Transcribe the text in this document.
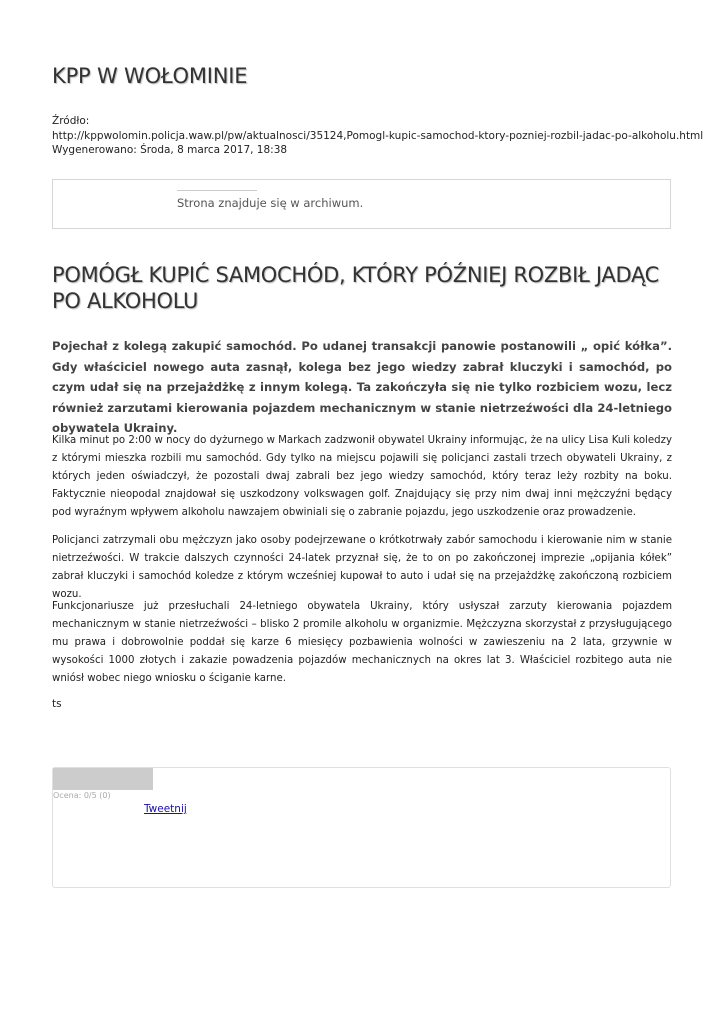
KPP W WOŁOMINIE
Źródło:
http://kppwolomin.policja.waw.pl/pw/aktualnosci/35124,Pomogl-kupic-samochod-ktory-pozniej-rozbil-jadac-po-alkoholu.html
Wygenerowano: Środa, 8 marca 2017, 18:38
Strona znajduje się w archiwum.
POMÓGŁ KUPIĆ SAMOCHÓD, KTÓRY PÓŹNIEJ ROZBIŁ JADĄC PO ALKOHOLU

Pojechał z kolegą zakupić samochód. Po udanej transakcji panowie postanowili „ opić kółka”. Gdy właściciel nowego auta zasnął, kolega bez jego wiedzy zabrał kluczyki i samochód, po czym udał się na przejażdżkę z innym kolegą. Ta zakończyła się nie tylko rozbiciem wozu, lecz również zarzutami kierowania pojazdem mechanicznym w stanie nietrzeźwości dla 24-letniego obywatela Ukrainy.

Kilka minut po 2:00 w nocy do dyżurnego w Markach zadzwonił obywatel Ukrainy informując, że na ulicy Lisa Kuli koledzy z którymi mieszka rozbili mu samochód. Gdy tylko na miejscu pojawili się policjanci zastali trzech obywateli Ukrainy, z których jeden oświadczył, że pozostali dwaj zabrali bez jego wiedzy samochód, który teraz leży rozbity na boku. Faktycznie nieopodal znajdował się uszkodzony volkswagen golf. Znajdujący się przy nim dwaj inni mężczyźni będący pod wyraźnym wpływem alkoholu nawzajem obwiniali się o zabranie pojazdu, jego uszkodzenie oraz prowadzenie.

Policjanci zatrzymali obu mężczyzn jako osoby podejrzewane o krótkotrwały zabór samochodu i kierowanie nim w stanie nietrzeźwości. W trakcie dalszych czynności 24-latek przyznał się, że to on po zakończonej imprezie „opijania kółek” zabrał kluczyki i samochód koledze z którym wcześniej kupował to auto i udał się na przejażdżkę zakończoną rozbiciem wozu.

Funkcjonariusze już przesłuchali 24-letniego obywatela Ukrainy, który usłyszał zarzuty kierowania pojazdem mechanicznym w stanie nietrzeźwości – blisko 2 promile alkoholu w organizmie. Mężczyzna skorzystał z przysługującego mu prawa i dobrowolnie poddał się karze 6 miesięcy pozbawienia wolności w zawieszeniu na 2 lata, grzywnie w wysokości 1000 złotych i zakazie powadzenia pojazdów mechanicznych na okres lat 3. Właściciel rozbitego auta nie wniósł wobec niego wniosku o ściganie karne.

ts
Ocena: 0/5 (0)
Tweetnij
